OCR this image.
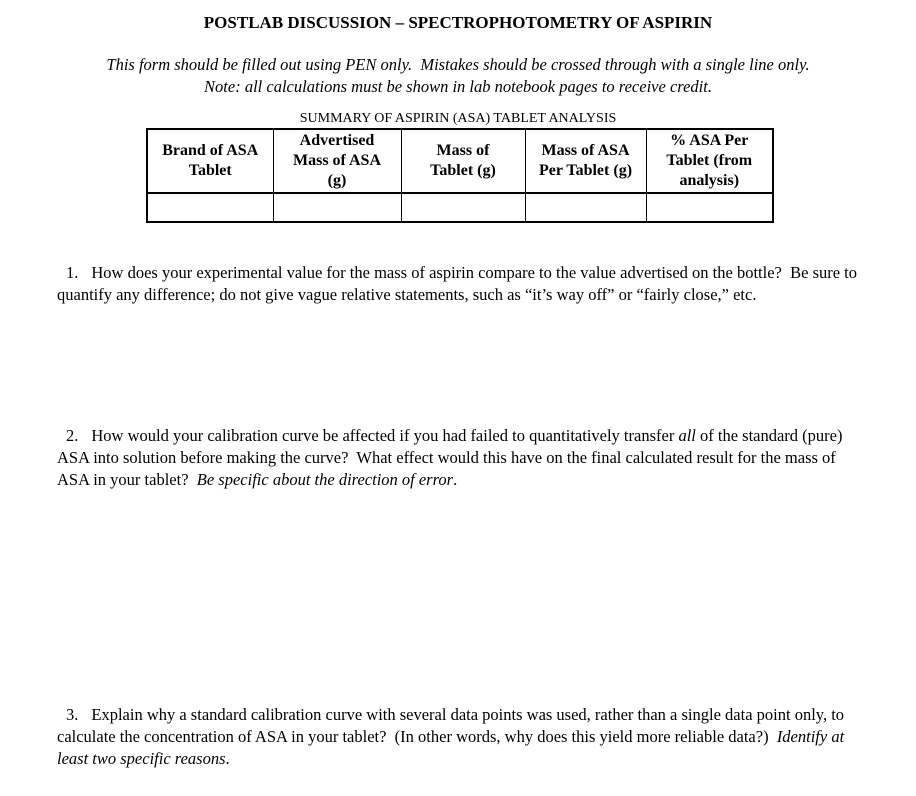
POSTLAB DISCUSSION – SPECTROPHOTOMETRY OF ASPIRIN
This form should be filled out using PEN only.  Mistakes should be crossed through with a single line only.
Note: all calculations must be shown in lab notebook pages to receive credit.
SUMMARY OF ASPIRIN (ASA) TABLET ANALYSIS
Brand of ASA
Tablet

Advertised
Mass of ASA
(g)

Mass of
Tablet (g)

Mass of ASA
Per Tablet (g)

% ASA Per
Tablet (from
analysis)

1. How does your experimental value for the mass of aspirin compare to the value advertised on the bottle?  Be sure to quantify any difference; do not give vague relative statements, such as “it’s way off” or “fairly close,” etc.

2. How would your calibration curve be affected if you had failed to quantitatively transfer all of the standard (pure) ASA into solution before making the curve?  What effect would this have on the final calculated result for the mass of ASA in your tablet?  Be specific about the direction of error.

3. Explain why a standard calibration curve with several data points was used, rather than a single data point only, to calculate the concentration of ASA in your tablet?  (In other words, why does this yield more reliable data?)  Identify at least two specific reasons.
